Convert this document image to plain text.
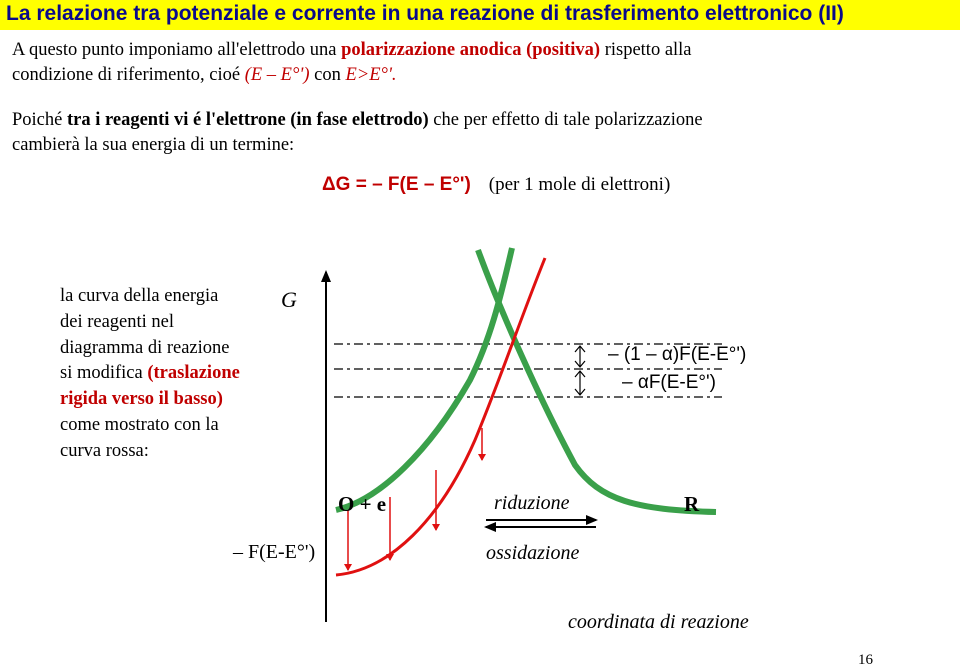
La relazione tra potenziale e corrente in una reazione di trasferimento elettronico (II)
A questo punto imponiamo all'elettrodo una polarizzazione anodica (positiva) rispetto alla
condizione di riferimento, cioé (E – E°') con E>E°'.
Poiché tra i reagenti vi é l'elettrone (in fase elettrodo) che per effetto di tale polarizzazione
cambierà la sua energia di un termine:
ΔG = – F(E – E°') (per 1 mole di elettroni)
la curva della energia dei reagenti nel diagramma di reazione si modifica (traslazione rigida verso il basso) come mostrato con la curva rossa:
G
O + e	R
– F(E-E°')
– (1 – α)F(E-E°')
– αF(E-E°')
riduzione
ossidazione
coordinata di reazione
16
